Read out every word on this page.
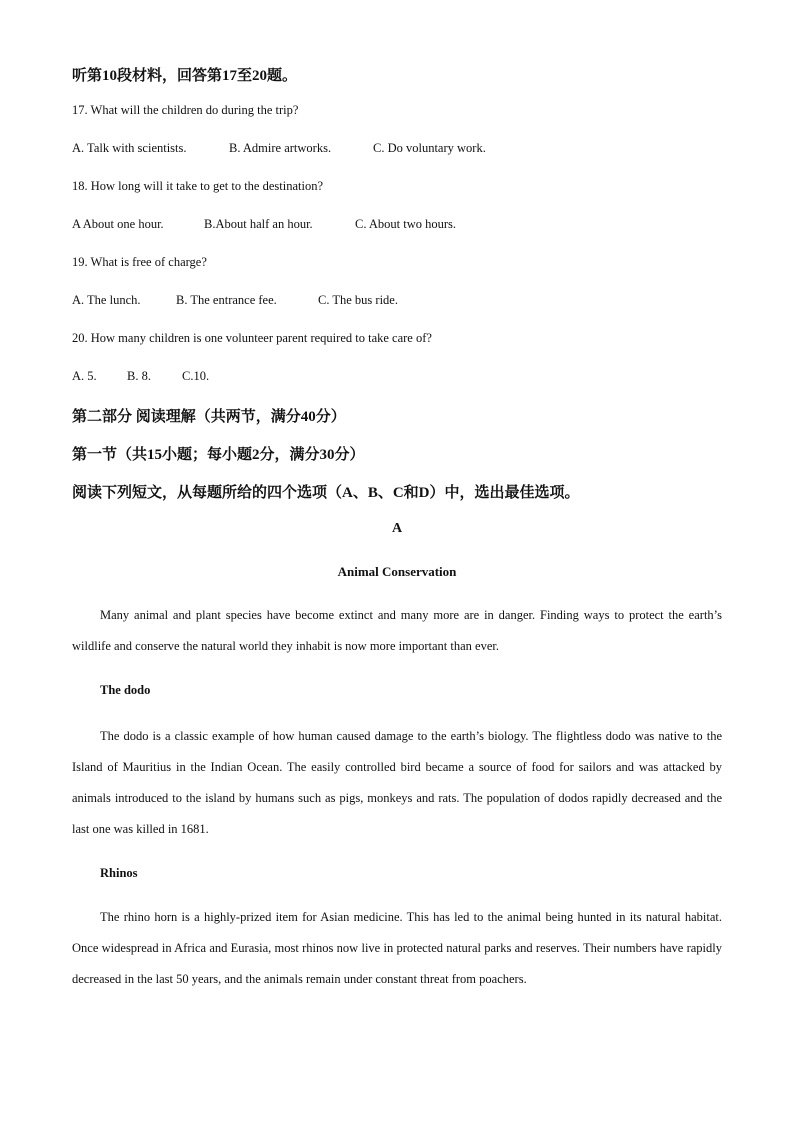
听第10段材料，回答第17至20题。
17. What will the children do during the trip?
A. Talk with scientists.	B. Admire artworks.	C. Do voluntary work.
18. How long will it take to get to the destination?
A About one hour.	B.About half an hour.	C. About two hours.
19. What is free of charge?
A. The lunch.	B. The entrance fee.	C. The bus ride.
20. How many children is one volunteer parent required to take care of?
A. 5. B. 8. C.10.
第二部分 阅读理解（共两节，满分40分）
第一节（共15小题；每小题2分，满分30分）
阅读下列短文，从每题所给的四个选项（A、B、C和D）中，选出最佳选项。
A
Animal Conservation
Many animal and plant species have become extinct and many more are in danger. Finding ways to protect the earth’s wildlife and conserve the natural world they inhabit is now more important than ever.
The dodo
The dodo is a classic example of how human caused damage to the earth’s biology. The flightless dodo was native to the Island of Mauritius in the Indian Ocean. The easily controlled bird became a source of food for sailors and was attacked by animals introduced to the island by humans such as pigs, monkeys and rats. The population of dodos rapidly decreased and the last one was killed in 1681.
Rhinos
The rhino horn is a highly-prized item for Asian medicine. This has led to the animal being hunted in its natural habitat. Once widespread in Africa and Eurasia, most rhinos now live in protected natural parks and reserves. Their numbers have rapidly decreased in the last 50 years, and the animals remain under constant threat from poachers.
